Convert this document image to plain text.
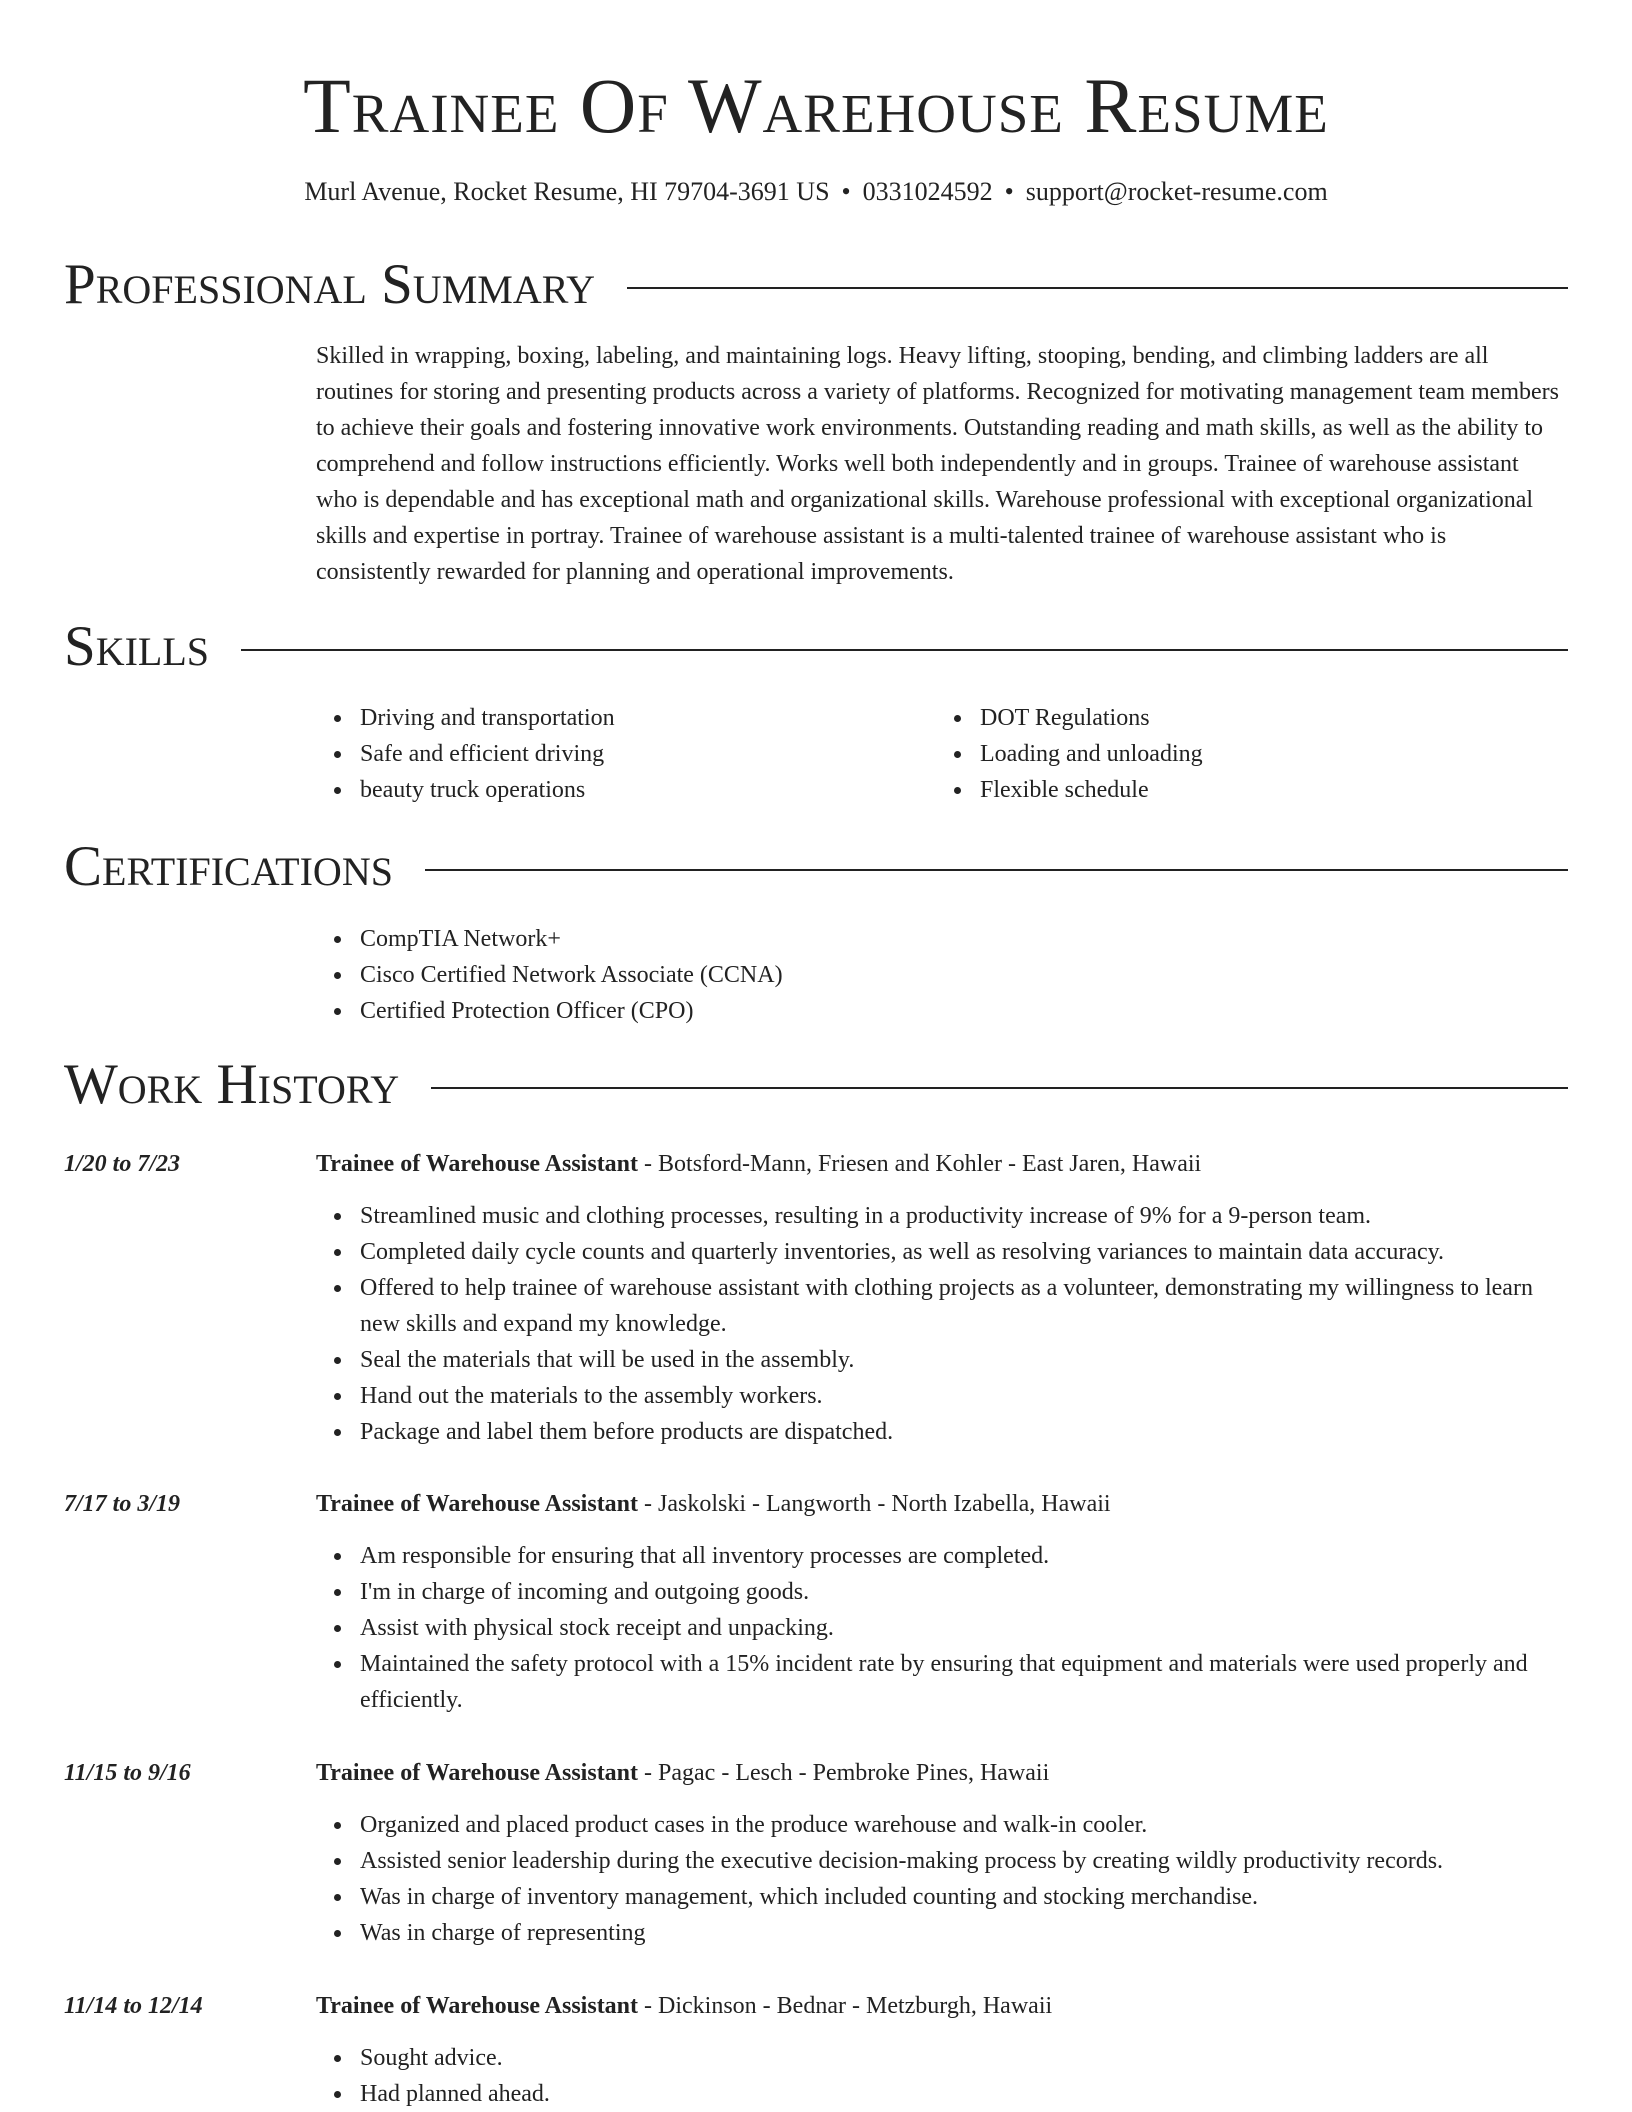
Trainee Of Warehouse Resume
Murl Avenue, Rocket Resume, HI 79704-3691 US • 0331024592 • support@rocket-resume.com
Professional Summary
Skilled in wrapping, boxing, labeling, and maintaining logs. Heavy lifting, stooping, bending, and climbing ladders are all routines for storing and presenting products across a variety of platforms. Recognized for motivating management team members to achieve their goals and fostering innovative work environments. Outstanding reading and math skills, as well as the ability to comprehend and follow instructions efficiently. Works well both independently and in groups. Trainee of warehouse assistant who is dependable and has exceptional math and organizational skills. Warehouse professional with exceptional organizational skills and expertise in portray. Trainee of warehouse assistant is a multi-talented trainee of warehouse assistant who is consistently rewarded for planning and operational improvements.
Skills
Driving and transportation
Safe and efficient driving
beauty truck operations
DOT Regulations
Loading and unloading
Flexible schedule
Certifications
CompTIA Network+
Cisco Certified Network Associate (CCNA)
Certified Protection Officer (CPO)
Work History
1/20 to 7/23	Trainee of Warehouse Assistant - Botsford-Mann, Friesen and Kohler - East Jaren, Hawaii
Streamlined music and clothing processes, resulting in a productivity increase of 9% for a 9-person team.
Completed daily cycle counts and quarterly inventories, as well as resolving variances to maintain data accuracy.
Offered to help trainee of warehouse assistant with clothing projects as a volunteer, demonstrating my willingness to learn new skills and expand my knowledge.
Seal the materials that will be used in the assembly.
Hand out the materials to the assembly workers.
Package and label them before products are dispatched.
7/17 to 3/19	Trainee of Warehouse Assistant - Jaskolski - Langworth - North Izabella, Hawaii
Am responsible for ensuring that all inventory processes are completed.
I'm in charge of incoming and outgoing goods.
Assist with physical stock receipt and unpacking.
Maintained the safety protocol with a 15% incident rate by ensuring that equipment and materials were used properly and efficiently.
11/15 to 9/16	Trainee of Warehouse Assistant - Pagac - Lesch - Pembroke Pines, Hawaii
Organized and placed product cases in the produce warehouse and walk-in cooler.
Assisted senior leadership during the executive decision-making process by creating wildly productivity records.
Was in charge of inventory management, which included counting and stocking merchandise.
Was in charge of representing
11/14 to 12/14	Trainee of Warehouse Assistant - Dickinson - Bednar - Metzburgh, Hawaii
Sought advice.
Had planned ahead.
